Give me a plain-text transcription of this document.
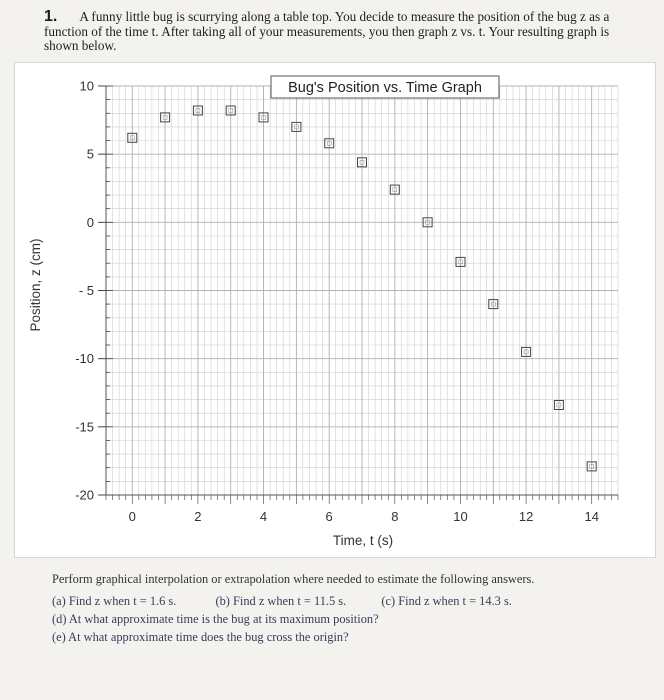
1. A funny little bug is scurrying along a table top. You decide to measure the position of the bug z as a function of the time t. After taking all of your measurements, you then graph z vs. t. Your resulting graph is shown below.
10
5
0
- 5
-10
-15
-20
0	2	4	6	8	10	12	14
Bug's Position vs. Time Graph
Time, t (s)
Position, z (cm)
Perform graphical interpolation or extrapolation where needed to estimate the following answers.
(a) Find z when t = 1.6 s.	(b) Find z when t = 11.5 s.	(c) Find z when t = 14.3 s.
(d) At what approximate time is the bug at its maximum position?
(e) At what approximate time does the bug cross the origin?
